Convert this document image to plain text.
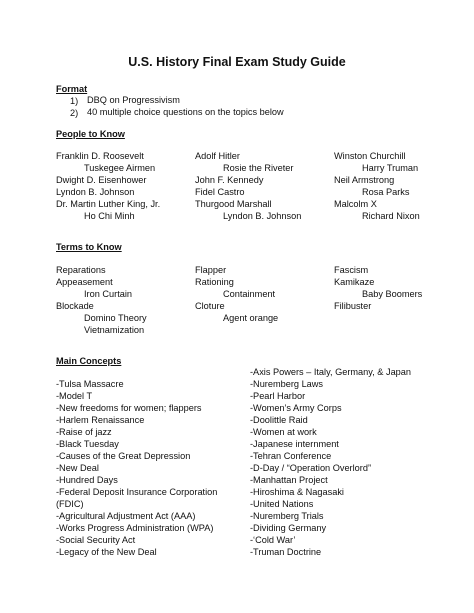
U.S. History Final Exam Study Guide
Format
1) DBQ on Progressivism
2) 40 multiple choice questions on the topics below
People to Know
Franklin D. Roosevelt
Tuskegee Airmen
Dwight D. Eisenhower
Lyndon B. Johnson
Dr. Martin Luther King, Jr.
Ho Chi Minh
Adolf Hitler
Rosie the Riveter
John F. Kennedy
Fidel Castro
Thurgood Marshall
Lyndon B. Johnson
Winston Churchill
Harry Truman
Neil Armstrong
Rosa Parks
Malcolm X
Richard Nixon
Terms to Know
Reparations
Appeasement
Iron Curtain
Blockade
Domino Theory
Vietnamization
Flapper
Rationing
Containment
Cloture
Agent orange
Fascism
Kamikaze
Baby Boomers
Filibuster
Main Concepts
-Tulsa Massacre
-Model T
-New freedoms for women; flappers
-Harlem Renaissance
-Raise of jazz
-Black Tuesday
-Causes of the Great Depression
-New Deal
-Hundred Days
-Federal Deposit Insurance Corporation
(FDIC)
-Agricultural Adjustment Act (AAA)
-Works Progress Administration (WPA)
-Social Security Act
-Legacy of the New Deal
-Axis Powers – Italy, Germany, & Japan
-Nuremberg Laws
-Pearl Harbor
-Women’s Army Corps
-Doolittle Raid
-Women at work
-Japanese internment
-Tehran Conference
-D-Day / “Operation Overlord”
-Manhattan Project
-Hiroshima & Nagasaki
-United Nations
-Nuremberg Trials
-Dividing Germany
-‘Cold War’
-Truman Doctrine
